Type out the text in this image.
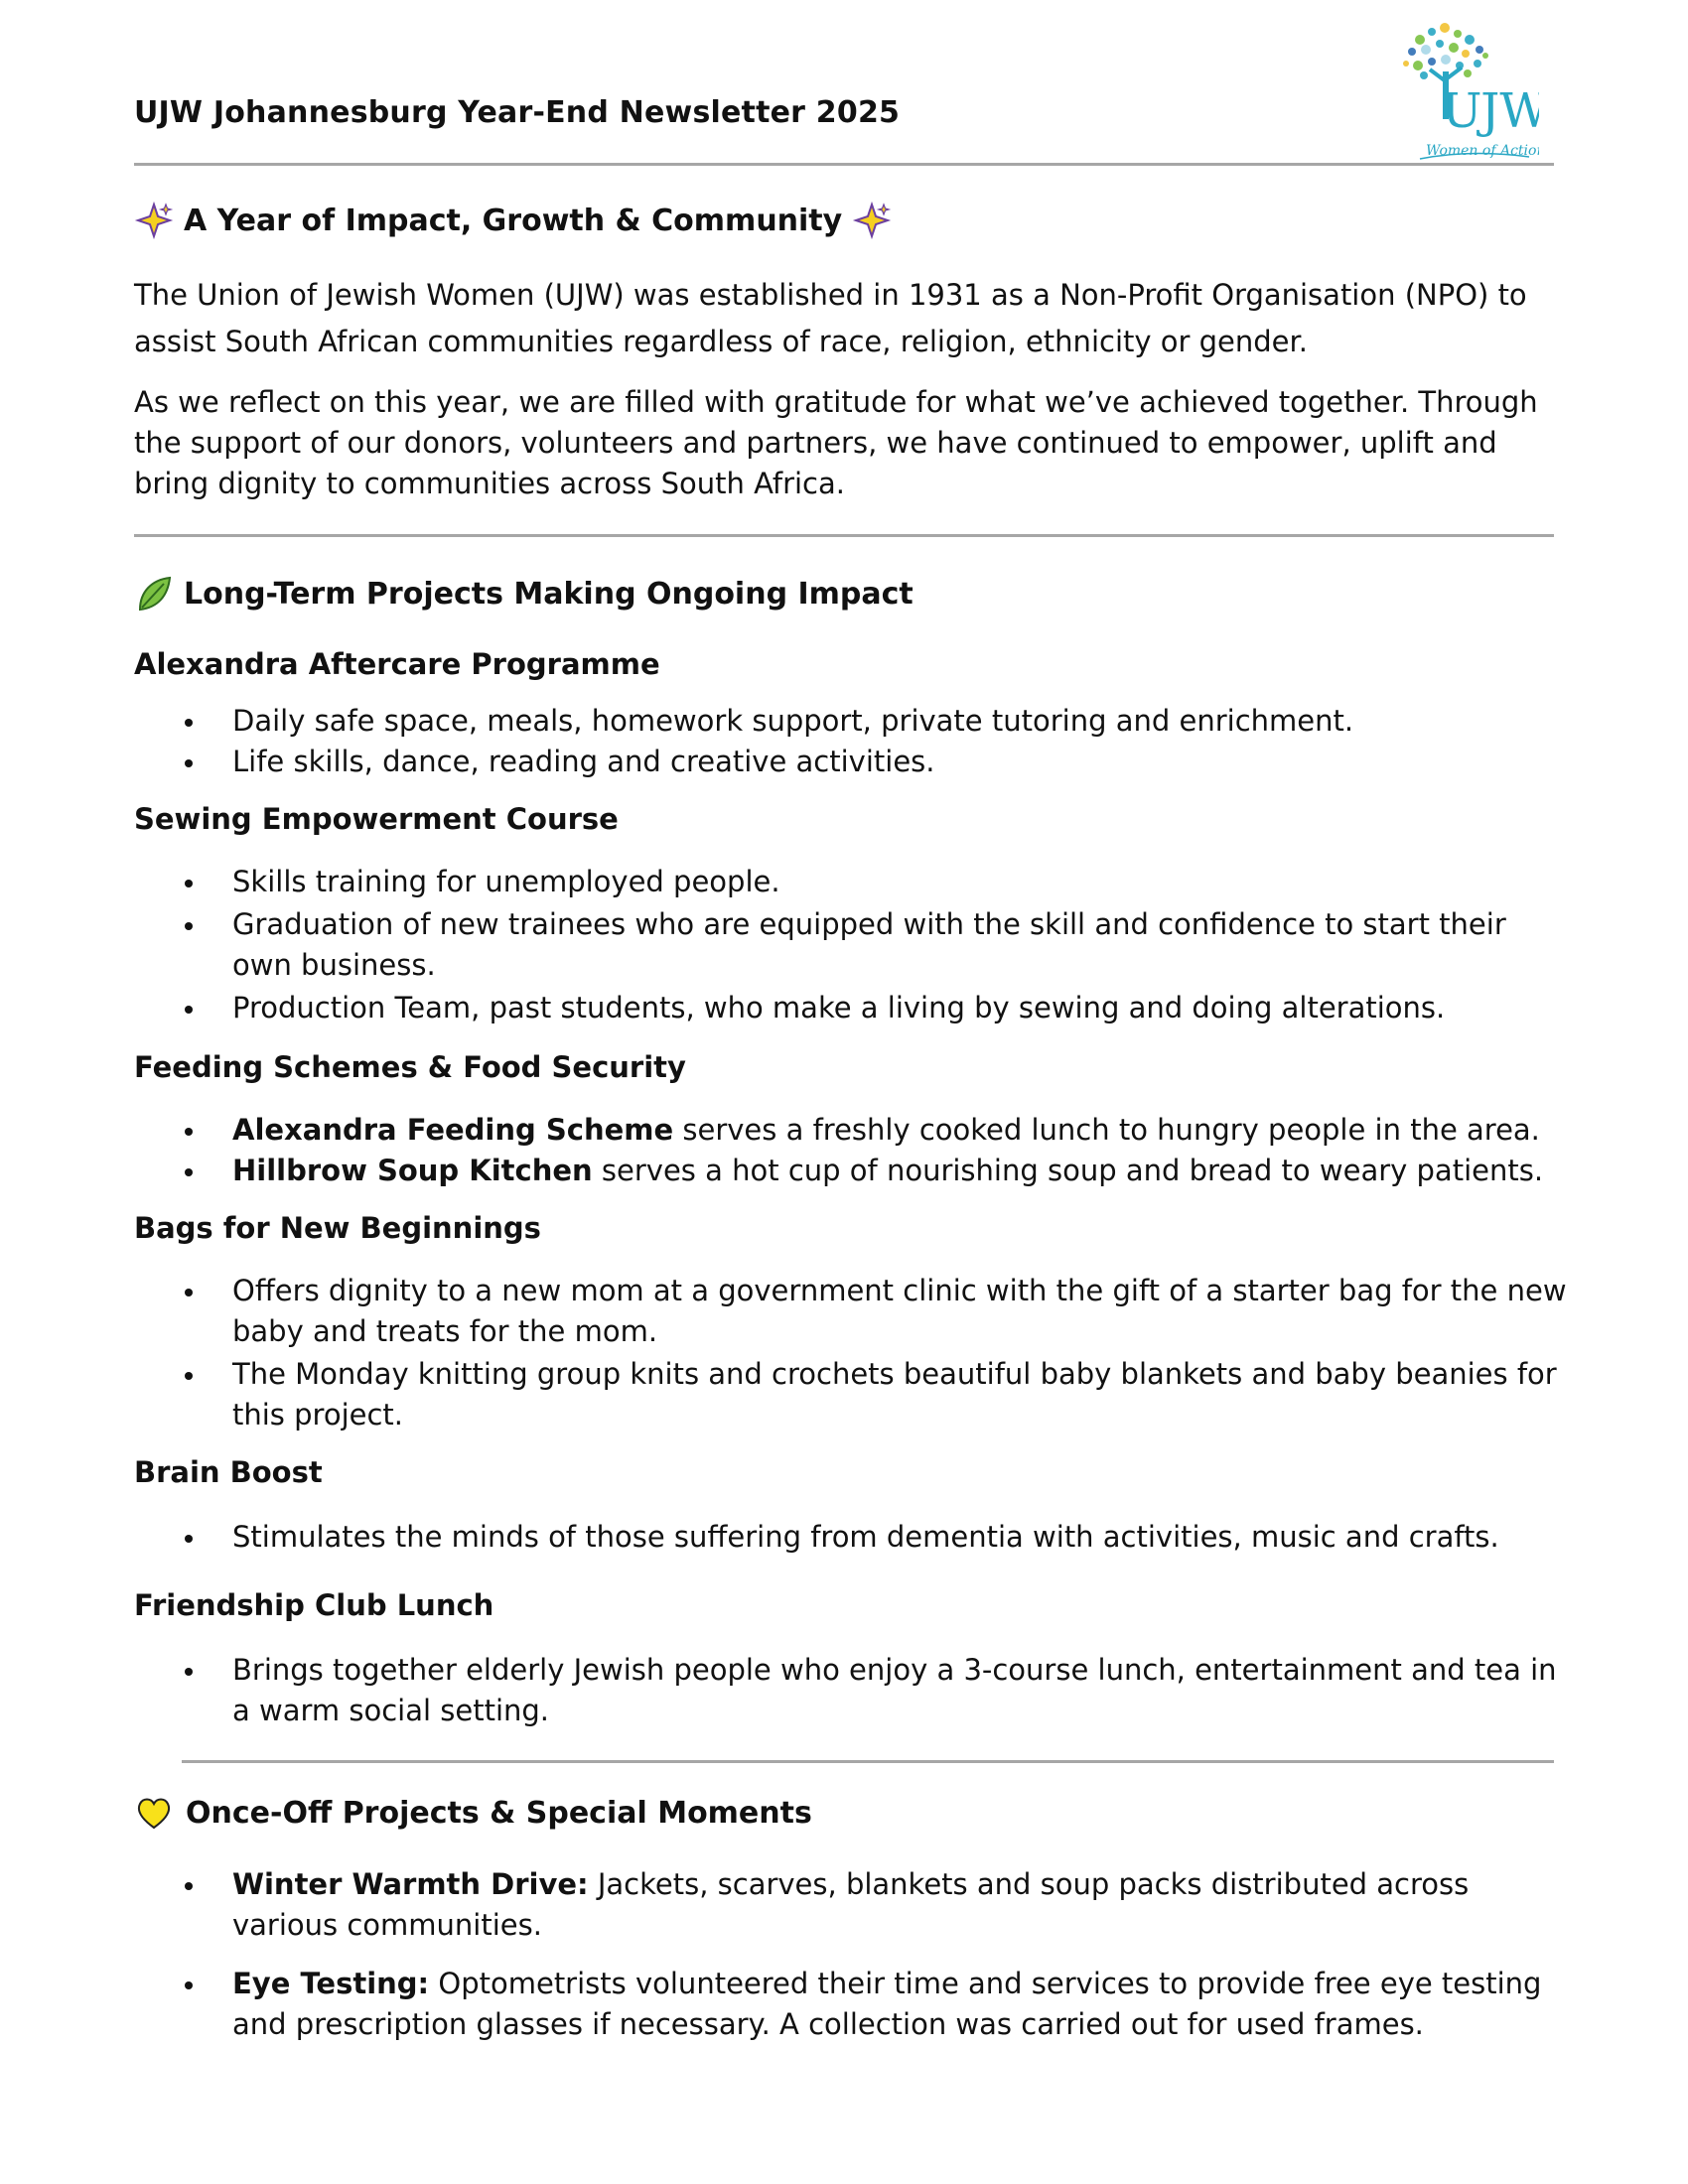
UJW Johannesburg Year-End Newsletter 2025	UJW
Women of Action
A Year of Impact, Growth & Community
The Union of Jewish Women (UJW) was established in 1931 as a Non-Profit Organisation (NPO) to assist South African communities regardless of race, religion, ethnicity or gender.
As we reflect on this year, we are filled with gratitude for what we’ve achieved together. Through the support of our donors, volunteers and partners, we have continued to empower, uplift and bring dignity to communities across South Africa.
Long-Term Projects Making Ongoing Impact
Alexandra Aftercare Programme
Daily safe space, meals, homework support, private tutoring and enrichment.
Life skills, dance, reading and creative activities.
Sewing Empowerment Course
Skills training for unemployed people.
Graduation of new trainees who are equipped with the skill and confidence to start their own business.
Production Team, past students, who make a living by sewing and doing alterations.
Feeding Schemes & Food Security
Alexandra Feeding Scheme serves a freshly cooked lunch to hungry people in the area.
Hillbrow Soup Kitchen serves a hot cup of nourishing soup and bread to weary patients.
Bags for New Beginnings
Offers dignity to a new mom at a government clinic with the gift of a starter bag for the new baby and treats for the mom.
The Monday knitting group knits and crochets beautiful baby blankets and baby beanies for this project.
Brain Boost
Stimulates the minds of those suffering from dementia with activities, music and crafts.
Friendship Club Lunch
Brings together elderly Jewish people who enjoy a 3-course lunch, entertainment and tea in a warm social setting.
Once-Off Projects & Special Moments
Winter Warmth Drive: Jackets, scarves, blankets and soup packs distributed across various communities.
Eye Testing: Optometrists volunteered their time and services to provide free eye testing and prescription glasses if necessary. A collection was carried out for used frames.
